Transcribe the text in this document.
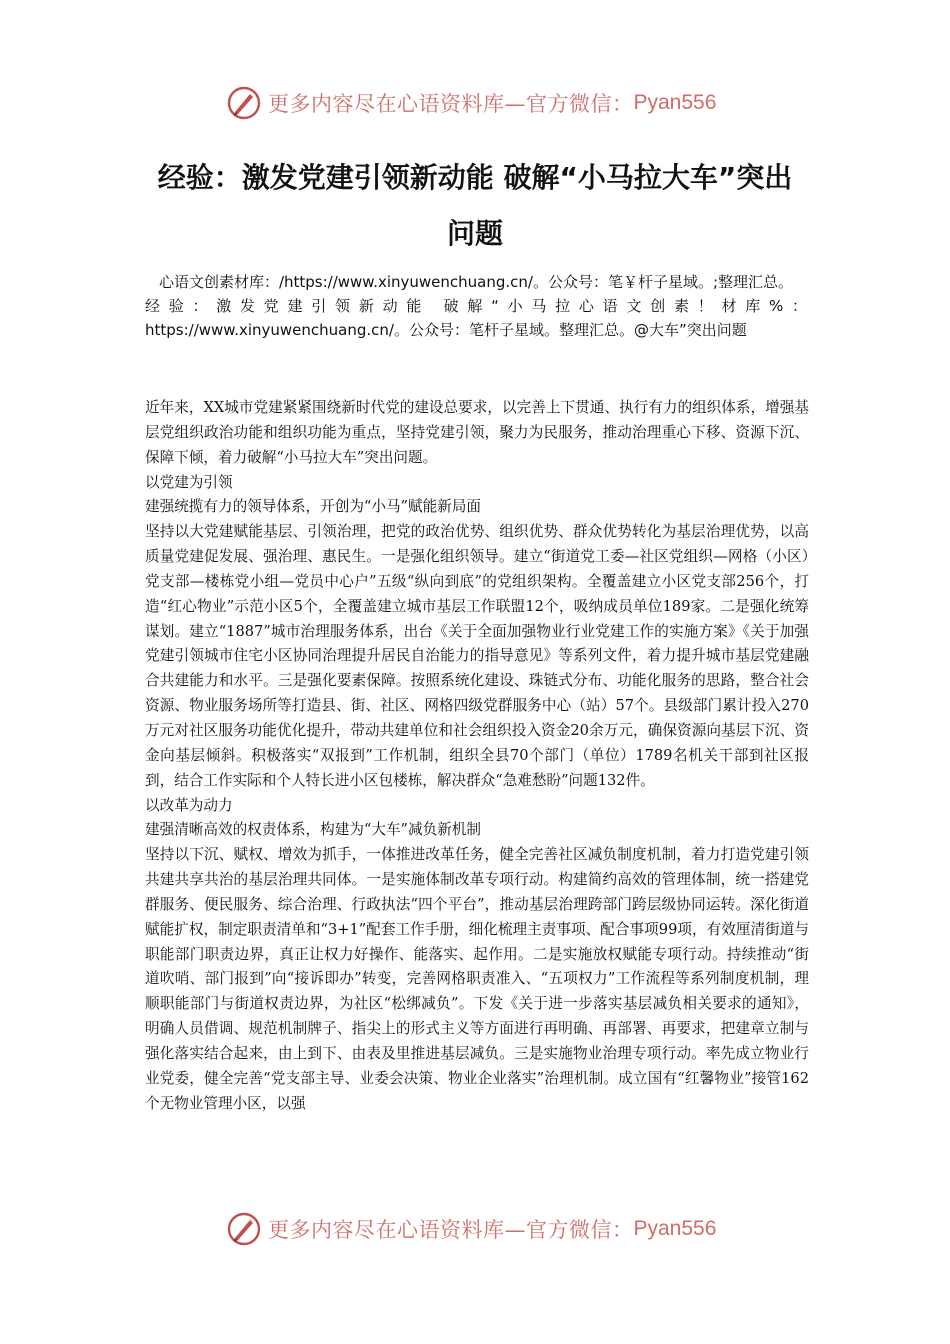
更多内容尽在心语资料库—官方微信： Pyan556
经验：激发党建引领新动能 破解“小马拉大车”突出问题

心语文创素材库：/https://www.xinyuwenchuang.cn/。公众号：笔￥杆子星域。;整理汇总。

经验：激发党建引领新动能 破解“小马拉心语文创素！材库%：https://www.xinyuwenchuang.cn/。公众号：笔杆子星域。整理汇总。@大车”突出问题

近年来，XX城市党建紧紧围绕新时代党的建设总要求，以完善上下贯通、执行有力的组织体系，增强基层党组织政治功能和组织功能为重点，坚持党建引领，聚力为民服务，推动治理重心下移、资源下沉、保障下倾，着力破解“小马拉大车”突出问题。

以党建为引领

建强统揽有力的领导体系，开创为“小马”赋能新局面

坚持以大党建赋能基层、引领治理，把党的政治优势、组织优势、群众优势转化为基层治理优势，以高质量党建促发展、强治理、惠民生。一是强化组织领导。建立“街道党工委—社区党组织—网格（小区）党支部—楼栋党小组—党员中心户”五级“纵向到底”的党组织架构。全覆盖建立小区党支部256个，打造“红心物业”示范小区5个，全覆盖建立城市基层工作联盟12个，吸纳成员单位189家。二是强化统筹谋划。建立“1887”城市治理服务体系，出台《关于全面加强物业行业党建工作的实施方案》《关于加强党建引领城市住宅小区协同治理提升居民自治能力的指导意见》等系列文件，着力提升城市基层党建融合共建能力和水平。三是强化要素保障。按照系统化建设、珠链式分布、功能化服务的思路，整合社会资源、物业服务场所等打造县、街、社区、网格四级党群服务中心（站）57个。县级部门累计投入270万元对社区服务功能优化提升，带动共建单位和社会组织投入资金20余万元，确保资源向基层下沉、资金向基层倾斜。积极落实“双报到”工作机制，组织全县70个部门（单位）1789名机关干部到社区报到，结合工作实际和个人特长进小区包楼栋，解决群众“急难愁盼”问题132件。

以改革为动力

建强清晰高效的权责体系，构建为“大车”减负新机制

坚持以下沉、赋权、增效为抓手，一体推进改革任务，健全完善社区减负制度机制，着力打造党建引领共建共享共治的基层治理共同体。一是实施体制改革专项行动。构建简约高效的管理体制，统一搭建党群服务、便民服务、综合治理、行政执法“四个平台”，推动基层治理跨部门跨层级协同运转。深化街道赋能扩权，制定职责清单和“3+1”配套工作手册，细化梳理主责事项、配合事项99项，有效厘清街道与职能部门职责边界，真正让权力好操作、能落实、起作用。二是实施放权赋能专项行动。持续推动“街道吹哨、部门报到”向“接诉即办”转变，完善网格职责准入、“五项权力”工作流程等系列制度机制，理顺职能部门与街道权责边界，为社区“松绑减负”。下发《关于进一步落实基层减负相关要求的通知》，明确人员借调、规范机制牌子、指尖上的形式主义等方面进行再明确、再部署、再要求，把建章立制与强化落实结合起来，由上到下、由表及里推进基层减负。三是实施物业治理专项行动。率先成立物业行业党委，健全完善“党支部主导、业委会决策、物业企业落实”治理机制。成立国有“红馨物业”接管162个无物业管理小区，以强

更多内容尽在心语资料库—官方微信： Pyan556
